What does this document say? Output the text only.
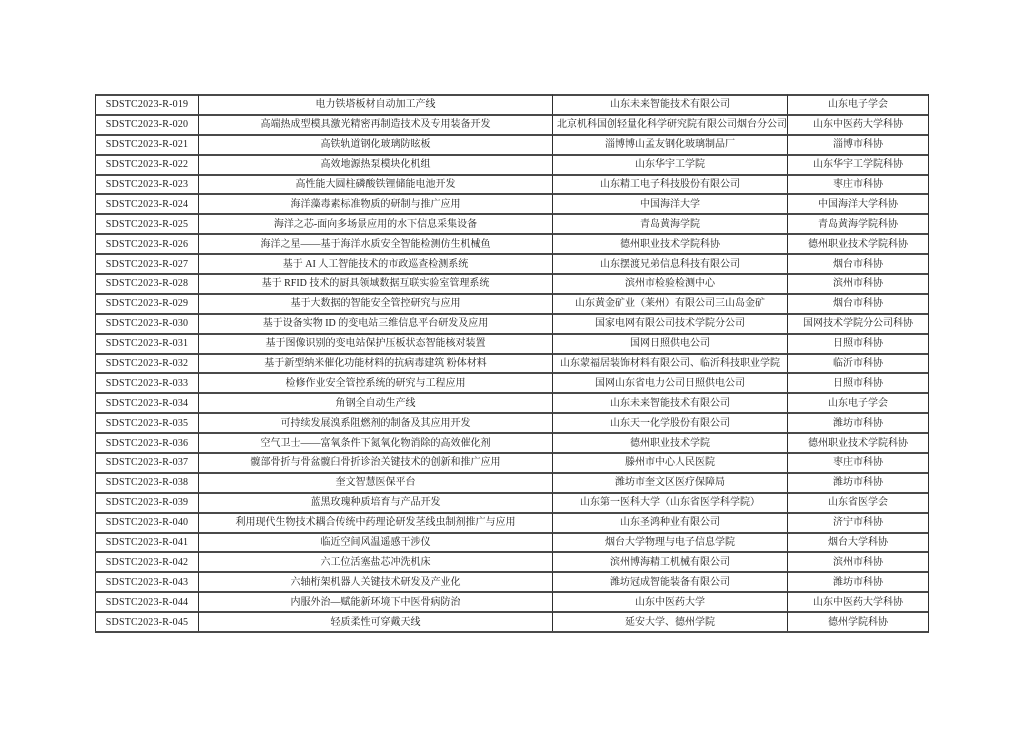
SDSTC2023-R-019	电力铁塔板材自动加工产线	山东未来智能技术有限公司	山东电子学会
SDSTC2023-R-020	高端热成型模具激光精密再制造技术及专用装备开发	北京机科国创轻量化科学研究院有限公司烟台分公司	山东中医药大学科协
SDSTC2023-R-021	高铁轨道钢化玻璃防眩板	淄博博山孟友钢化玻璃制品厂	淄博市科协
SDSTC2023-R-022	高效地源热泵模块化机组	山东华宇工学院	山东华宇工学院科协
SDSTC2023-R-023	高性能大圆柱磷酸铁锂储能电池开发	山东精工电子科技股份有限公司	枣庄市科协
SDSTC2023-R-024	海洋藻毒素标准物质的研制与推广应用	中国海洋大学	中国海洋大学科协
SDSTC2023-R-025	海洋之芯-面向多场景应用的水下信息采集设备	青岛黄海学院	青岛黄海学院科协
SDSTC2023-R-026	海洋之星——基于海洋水质安全智能检测仿生机械鱼	德州职业技术学院科协	德州职业技术学院科协
SDSTC2023-R-027	基于 AI 人工智能技术的市政巡查检测系统	山东摆渡兄弟信息科技有限公司	烟台市科协
SDSTC2023-R-028	基于 RFID 技术的厨具领域数据互联实验室管理系统	滨州市检验检测中心	滨州市科协
SDSTC2023-R-029	基于大数据的智能安全管控研究与应用	山东黄金矿业（莱州）有限公司三山岛金矿	烟台市科协
SDSTC2023-R-030	基于设备实物 ID 的变电站三维信息平台研发及应用	国家电网有限公司技术学院分公司	国网技术学院分公司科协
SDSTC2023-R-031	基于图像识别的变电站保护压板状态智能核对装置	国网日照供电公司	日照市科协
SDSTC2023-R-032	基于新型纳米催化功能材料的抗病毒建筑 粉体材料	山东蒙福居装饰材料有限公司、临沂科技职业学院	临沂市科协
SDSTC2023-R-033	检修作业安全管控系统的研究与工程应用	国网山东省电力公司日照供电公司	日照市科协
SDSTC2023-R-034	角钢全自动生产线	山东未来智能技术有限公司	山东电子学会
SDSTC2023-R-035	可持续发展溴系阻燃剂的制备及其应用开发	山东天一化学股份有限公司	潍坊市科协
SDSTC2023-R-036	空气卫士——富氧条件下氮氧化物消除的高效催化剂	德州职业技术学院	德州职业技术学院科协
SDSTC2023-R-037	髋部骨折与骨盆髋臼骨折诊治关键技术的创新和推广应用	滕州市中心人民医院	枣庄市科协
SDSTC2023-R-038	奎文智慧医保平台	潍坊市奎文区医疗保障局	潍坊市科协
SDSTC2023-R-039	蓝黑玫瑰种质培育与产品开发	山东第一医科大学（山东省医学科学院）	山东省医学会
SDSTC2023-R-040	利用现代生物技术耦合传统中药理论研发茎线虫制剂推广与应用	山东圣鸿种业有限公司	济宁市科协
SDSTC2023-R-041	临近空间风温遥感干涉仪	烟台大学物理与电子信息学院	烟台大学科协
SDSTC2023-R-042	六工位活塞盐芯冲洗机床	滨州博海精工机械有限公司	滨州市科协
SDSTC2023-R-043	六轴桁架机器人关键技术研发及产业化	潍坊冠成智能装备有限公司	潍坊市科协
SDSTC2023-R-044	内服外治—赋能新环境下中医骨病防治	山东中医药大学	山东中医药大学科协
SDSTC2023-R-045	轻质柔性可穿戴天线	延安大学、德州学院	德州学院科协
